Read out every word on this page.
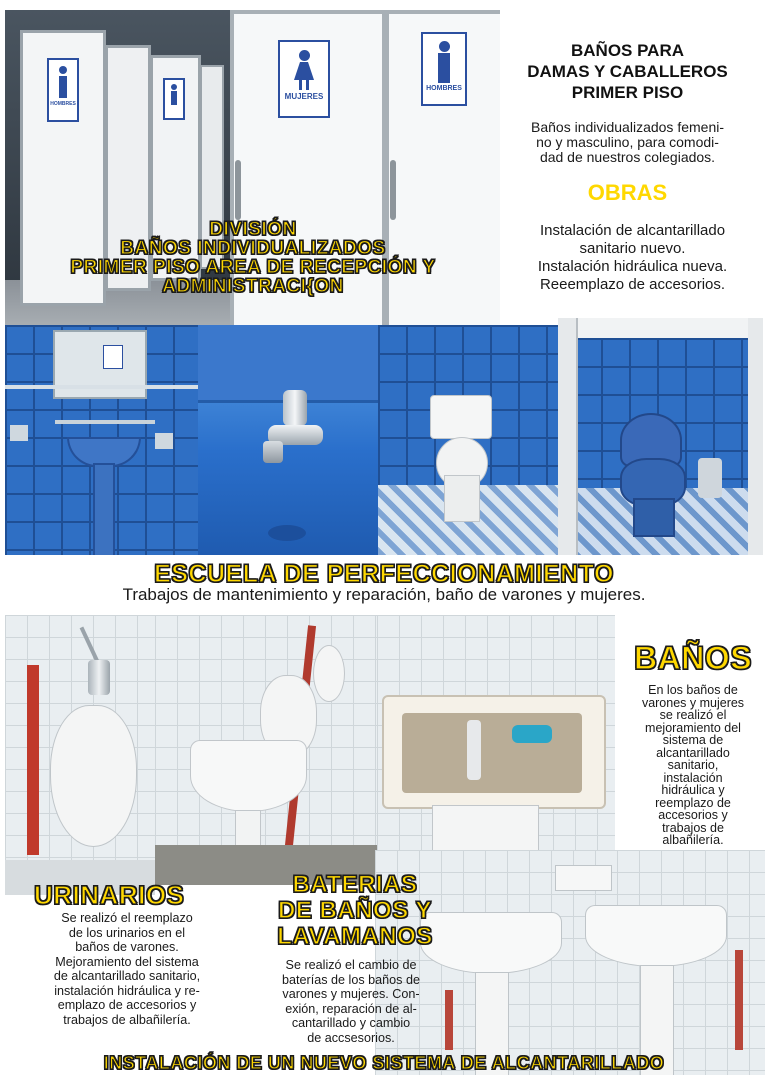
HOMBRES
MUJERES
HOMBRES
DIVISIÓN
BAÑOS INDIVIDUALIZADOS
PRIMER PISO AREA DE RECEPCIÓN Y
ADMINISTRACI{ON
BAÑOS PARA
DAMAS Y CABALLEROS
PRIMER PISO
Baños individualizados femeni-
no y masculino, para comodi-
dad de nuestros colegiados.
OBRAS
Instalación de alcantarillado
sanitario nuevo.
Instalación hidráulica nueva.
Reeemplazo de accesorios.
ESCUELA DE PERFECCIONAMIENTO
Trabajos de mantenimiento y reparación, baño de varones y mujeres.
BAÑOS
En los baños de
varones y mujeres
se realizó el
mejoramiento del
sistema de
alcantarillado
sanitario,
instalación
hidráulica y
reemplazo de
accesorios y
trabajos de
albañilería.
URINARIOS
Se realizó el reemplazo
de los urinarios en el
baños de varones.
Mejoramiento del sistema
de alcantarillado sanitario,
instalación hidráulica y re-
emplazo de accesorios y
trabajos de albañilería.
BATERIAS
DE BAÑOS Y
LAVAMANOS
Se realizó el cambio de
baterías de los baños de
varones y mujeres. Con-
exión, reparación de al-
cantarillado y cambio
de accsesorios.
INSTALACIÓN DE UN NUEVO SISTEMA DE ALCANTARILLADO
